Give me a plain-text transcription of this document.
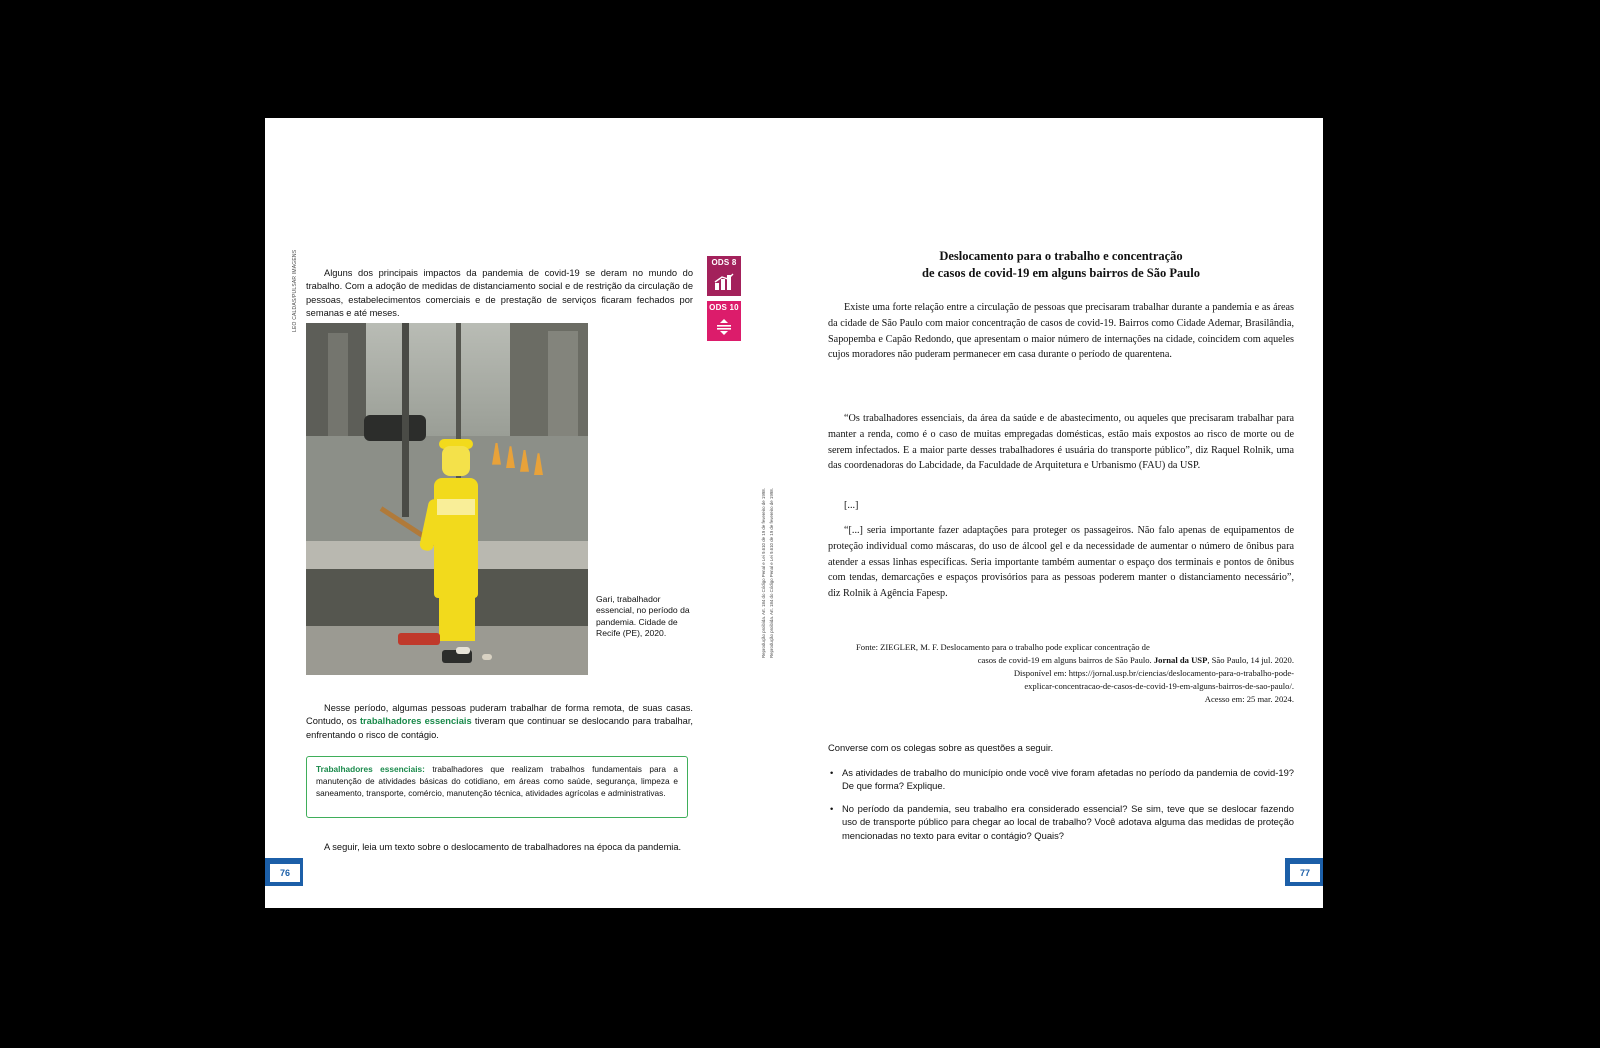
Alguns dos principais impactos da pandemia de covid-19 se deram no mundo do trabalho. Com a adoção de medidas de distanciamento social e de restrição da circulação de pessoas, estabelecimentos comerciais e de prestação de serviços ficaram fechados por semanas e até meses.

ODS 8
ODS 10
LEO CALDAS/PULSAR IMAGENS
Gari, trabalhador essencial, no período da pandemia. Cidade de Recife (PE), 2020.

Nesse período, algumas pessoas puderam trabalhar de forma remota, de suas casas. Contudo, os trabalhadores essenciais tiveram que continuar se deslocando para trabalhar, enfrentando o risco de contágio.

Trabalhadores essenciais: trabalhadores que realizam trabalhos fundamentais para a manutenção de atividades básicas do cotidiano, em áreas como saúde, segurança, limpeza e saneamento, transporte, comércio, manutenção técnica, atividades agrícolas e administrativas.

A seguir, leia um texto sobre o deslocamento de trabalhadores na época da pandemia.

Reprodução proibida. Art. 184 do Código Penal e Lei 9.610 de 19 de fevereiro de 1998. Reprodução proibida. Art. 184 do Código Penal e Lei 9.610 de 19 de fevereiro de 1998.
76
Deslocamento para o trabalho e concentração
de casos de covid-19 em alguns bairros de São Paulo

Existe uma forte relação entre a circulação de pessoas que precisaram trabalhar durante a pandemia e as áreas da cidade de São Paulo com maior concentração de casos de covid-19. Bairros como Cidade Ademar, Brasilândia, Sapopemba e Capão Redondo, que apresentam o maior número de internações na cidade, coincidem com aqueles cujos moradores não puderam permanecer em casa durante o período de quarentena.

“Os trabalhadores essenciais, da área da saúde e de abastecimento, ou aqueles que precisaram trabalhar para manter a renda, como é o caso de muitas empregadas domésticas, estão mais expostos ao risco de morte ou de serem infectados. E a maior parte desses trabalhadores é usuária do transporte público”, diz Raquel Rolnik, uma das coordenadoras do Labcidade, da Faculdade de Arquitetura e Urbanismo (FAU) da USP.

[...]

“[...] seria importante fazer adaptações para proteger os passageiros. Não falo apenas de equipamentos de proteção individual como máscaras, do uso de álcool gel e da necessidade de aumentar o número de ônibus para atender a essas linhas específicas. Seria importante também aumentar o espaço dos terminais e pontos de ônibus com tendas, demarcações e espaços provisórios para as pessoas poderem manter o distanciamento necessário”, diz Rolnik à Agência Fapesp.

Fonte: ZIEGLER, M. F. Deslocamento para o trabalho pode explicar concentração de
casos de covid-19 em alguns bairros de São Paulo. Jornal da USP, São Paulo, 14 jul. 2020.
Disponível em: https://jornal.usp.br/ciencias/deslocamento-para-o-trabalho-pode-
explicar-concentracao-de-casos-de-covid-19-em-alguns-bairros-de-sao-paulo/.
Acesso em: 25 mar. 2024.
Converse com os colegas sobre as questões a seguir.
• As atividades de trabalho do município onde você vive foram afetadas no período da pandemia de covid-19? De que forma? Explique.
• No período da pandemia, seu trabalho era considerado essencial? Se sim, teve que se deslocar fazendo uso de transporte público para chegar ao local de trabalho? Você adotava alguma das medidas de proteção mencionadas no texto para evitar o contágio? Quais?
77
